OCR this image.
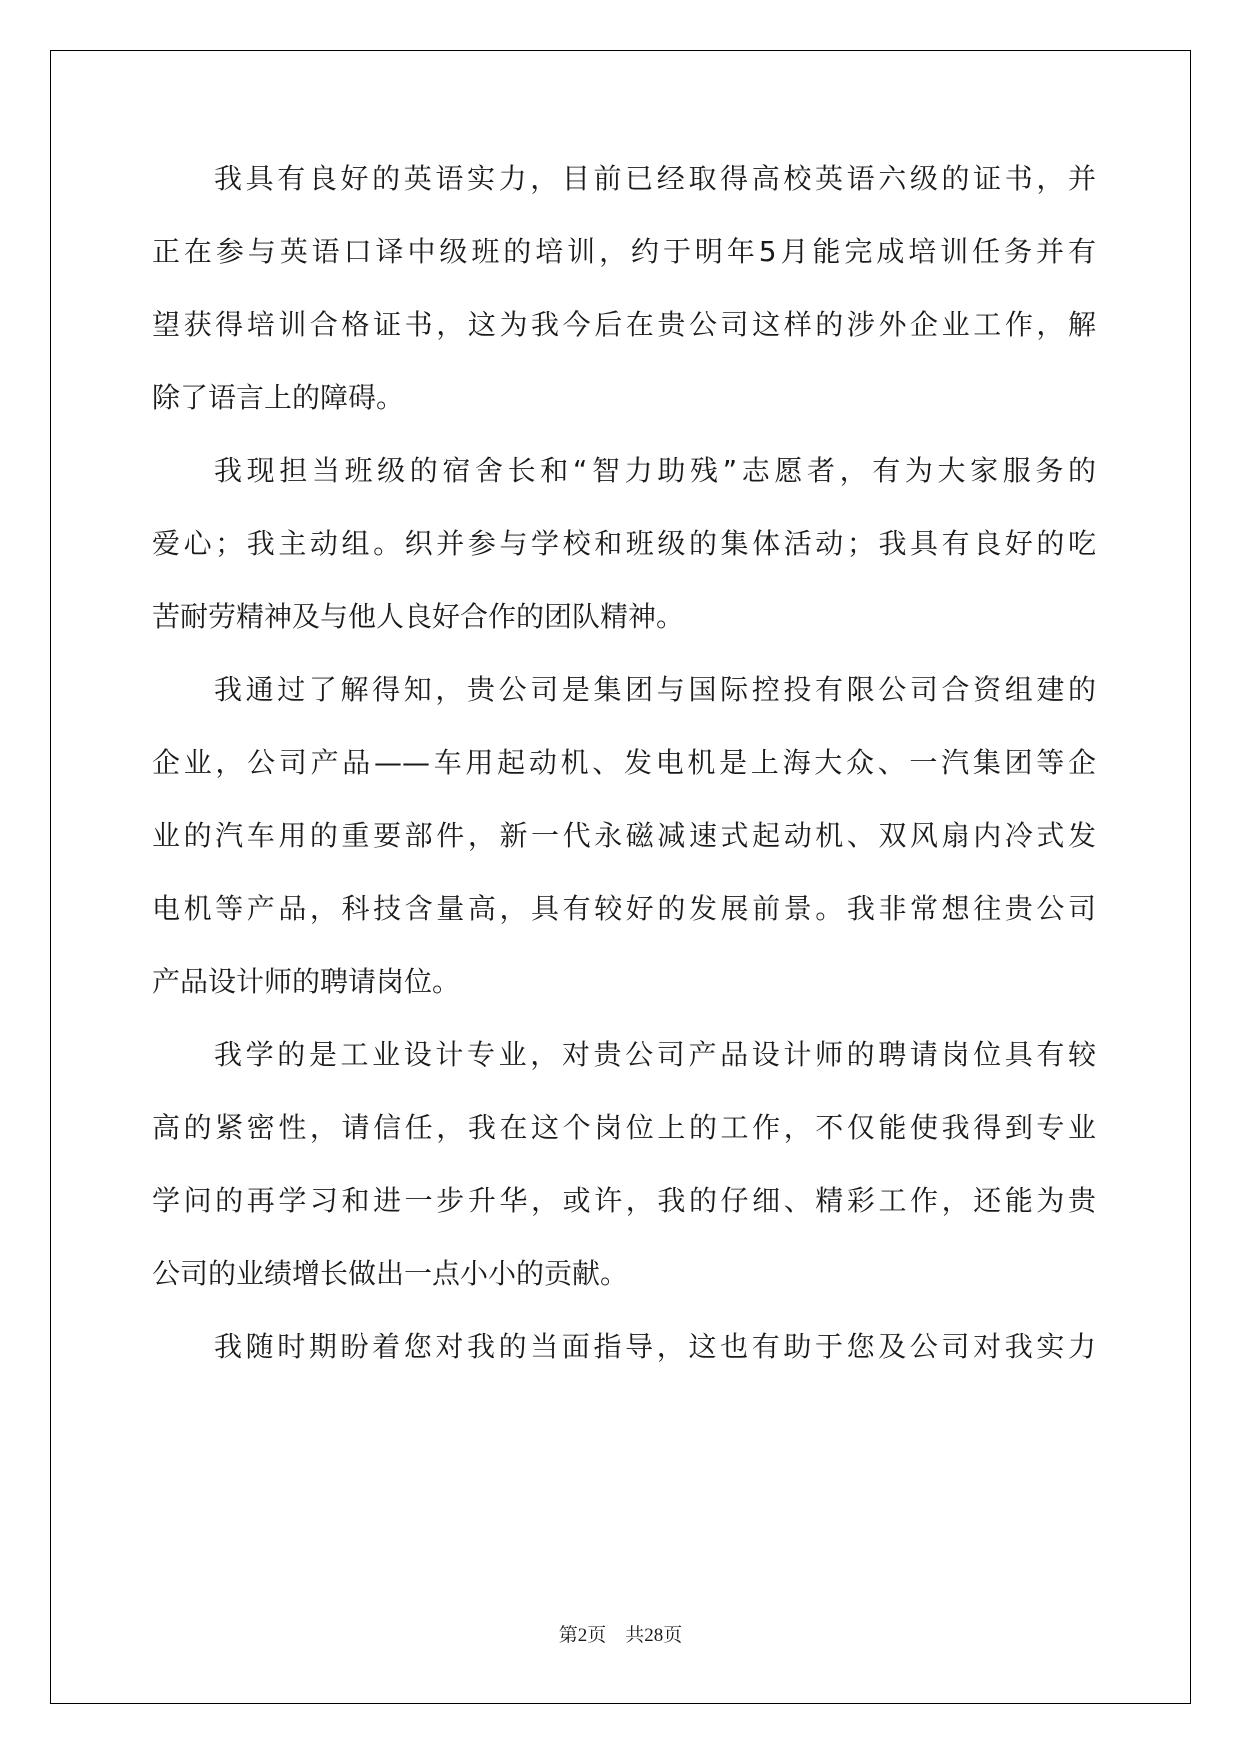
我具有良好的英语实力，目前已经取得高校英语六级的证书，并
正在参与英语口译中级班的培训，约于明年5月能完成培训任务并有
望获得培训合格证书，这为我今后在贵公司这样的涉外企业工作，解
除了语言上的障碍。
我现担当班级的宿舍长和“智力助残”志愿者，有为大家服务的
爱心；我主动组。织并参与学校和班级的集体活动；我具有良好的吃
苦耐劳精神及与他人良好合作的团队精神。
我通过了解得知，贵公司是集团与国际控投有限公司合资组建的
企业，公司产品——车用起动机、发电机是上海大众、一汽集团等企
业的汽车用的重要部件，新一代永磁减速式起动机、双风扇内冷式发
电机等产品，科技含量高，具有较好的发展前景。我非常想往贵公司
产品设计师的聘请岗位。
我学的是工业设计专业，对贵公司产品设计师的聘请岗位具有较
高的紧密性，请信任，我在这个岗位上的工作，不仅能使我得到专业
学问的再学习和进一步升华，或许，我的仔细、精彩工作，还能为贵
公司的业绩增长做出一点小小的贡献。
我随时期盼着您对我的当面指导，这也有助于您及公司对我实力
第2页    共28页
